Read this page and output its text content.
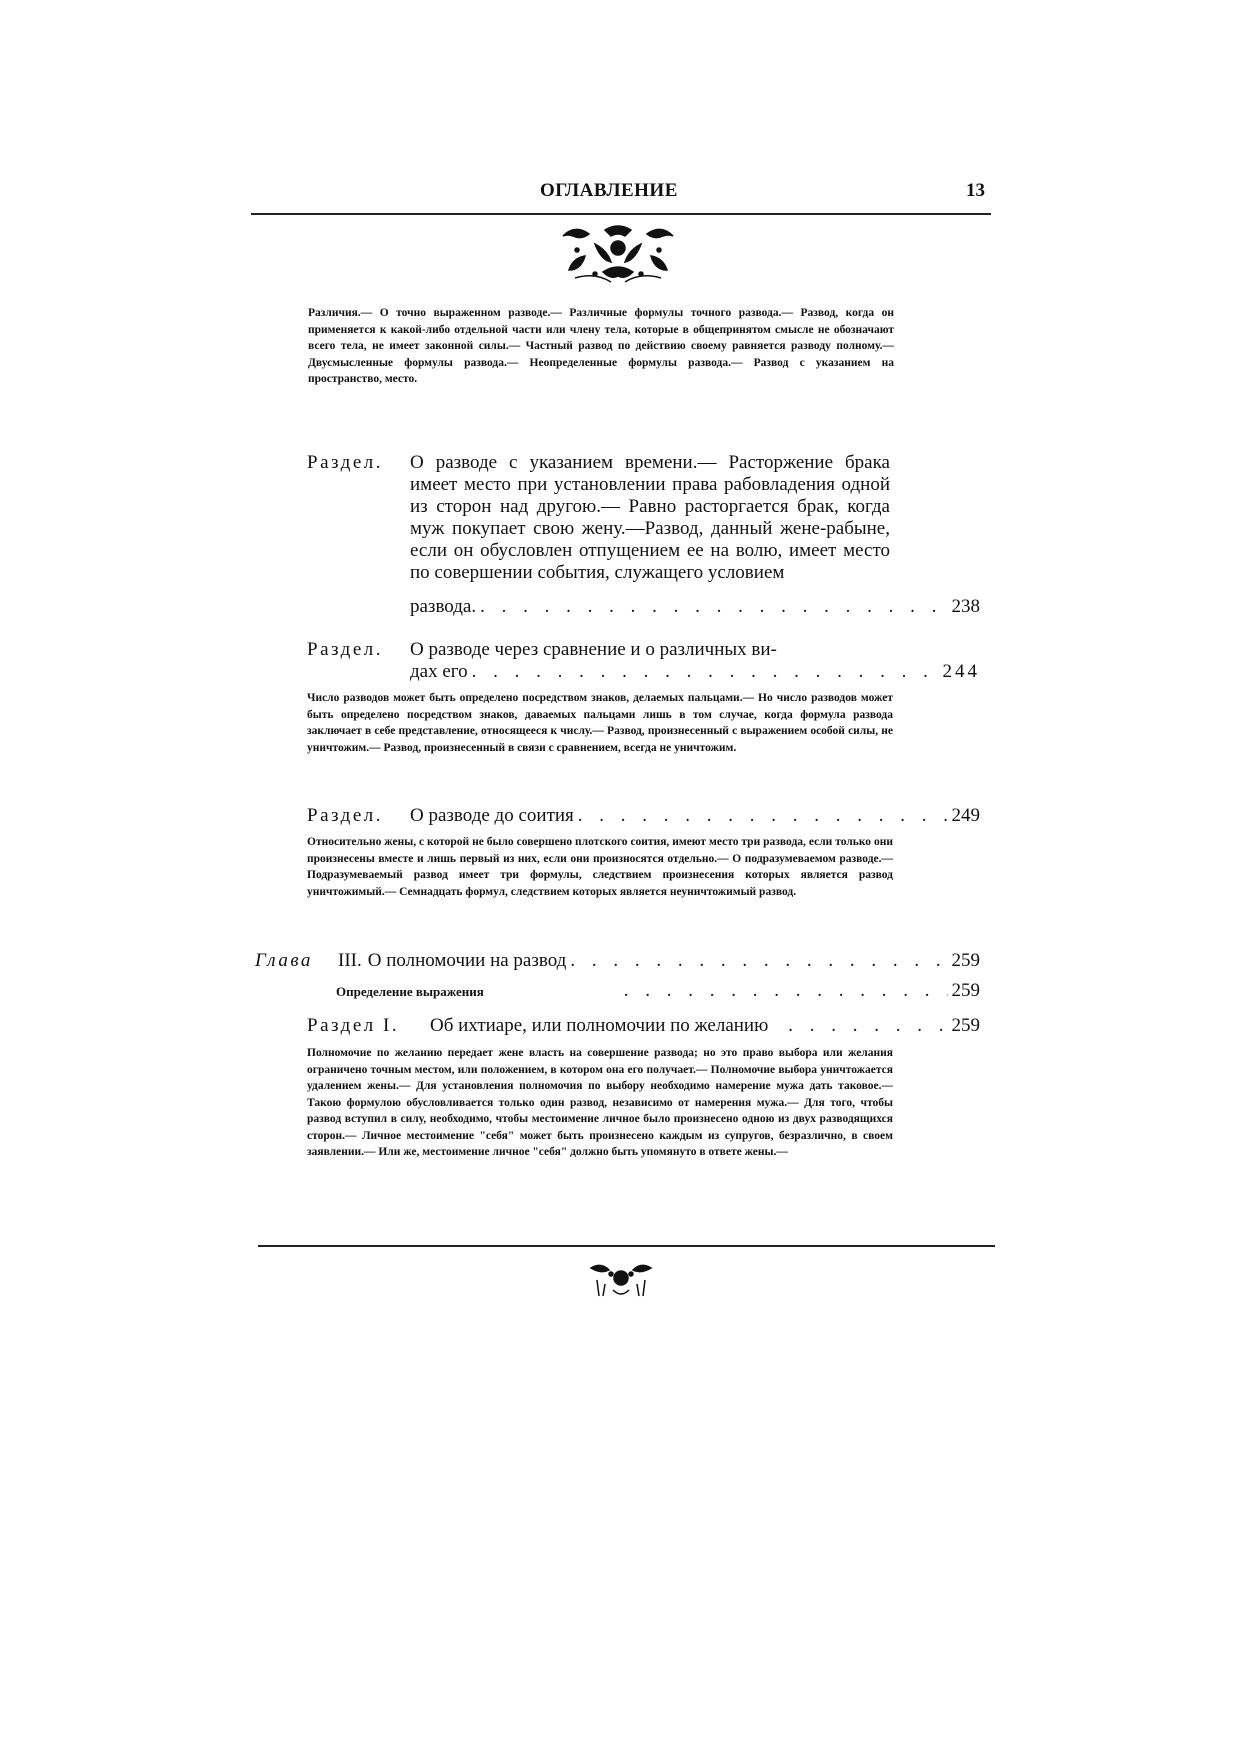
ОГЛАВЛЕНИЕ	13
Различия.— О точно выраженном разводе.— Различные формулы точного развода.— Развод, когда он применяется к какой-либо отдельной части или члену тела, которые в общепринятом смысле не обозначают всего тела, не имеет законной силы.— Частный развод по действию своему равняется разводу полному.— Двусмысленные формулы развода.— Неопределенные формулы развода.— Развод с указанием на пространство, место.
Раздел. О разводе с указанием времени.— Расторжение брака имеет место при установлении права рабовладения одной из сторон над другою.— Равно расторгается брак, когда муж покупает свою жену.—Развод, данный жене-рабыне, если он обусловлен отпущением ее на волю, имеет место по совершении события, служащего условием
развода. . . .	238
Раздел. О разводе через сравнение и о различных ви-
дах его . . .	244
Число разводов может быть определено посредством знаков, делаемых пальцами.— Но число разводов может быть определено посредством знаков, даваемых пальцами лишь в том случае, когда формула развода заключает в себе представление, относящееся к числу.— Развод, произнесенный с выражением особой силы, не уничтожим.— Развод, произнесенный в связи с сравнением, всегда не уничтожим.
Раздел. О разводе до соития . . .	249
Относительно жены, с которой не было совершено плотского соития, имеют место три развода, если только они произнесены вместе и лишь первый из них, если они произносятся отдельно.— О подразумеваемом разводе.— Подразумеваемый развод имеет три формулы, следствием произнесения которых является развод уничтожимый.— Семнадцать формул, следствием которых является неуничтожимый развод.
Глава III. О полномочии на развод . . .	259
Определение выражения . . .	259
Раздел I. Об ихтиаре, или полномочии по желанию . . .	259
Полномочие по желанию передает жене власть на совершение развода; но это право выбора или желания ограничено точным местом, или положением, в котором она его получает.— Полномочие выбора уничтожается удалением жены.— Для установления полномочия по выбору необходимо намерение мужа дать таковое.— Такою формулою обусловливается только один развод, независимо от намерения мужа.— Для того, чтобы развод вступил в силу, необходимо, чтобы местоимение личное было произнесено одною из двух разводящихся сторон.— Личное местоимение "себя" может быть произнесено каждым из супругов, безразлично, в своем заявлении.— Или же, местоимение личное "себя" должно быть упомянуто в ответе жены.—
